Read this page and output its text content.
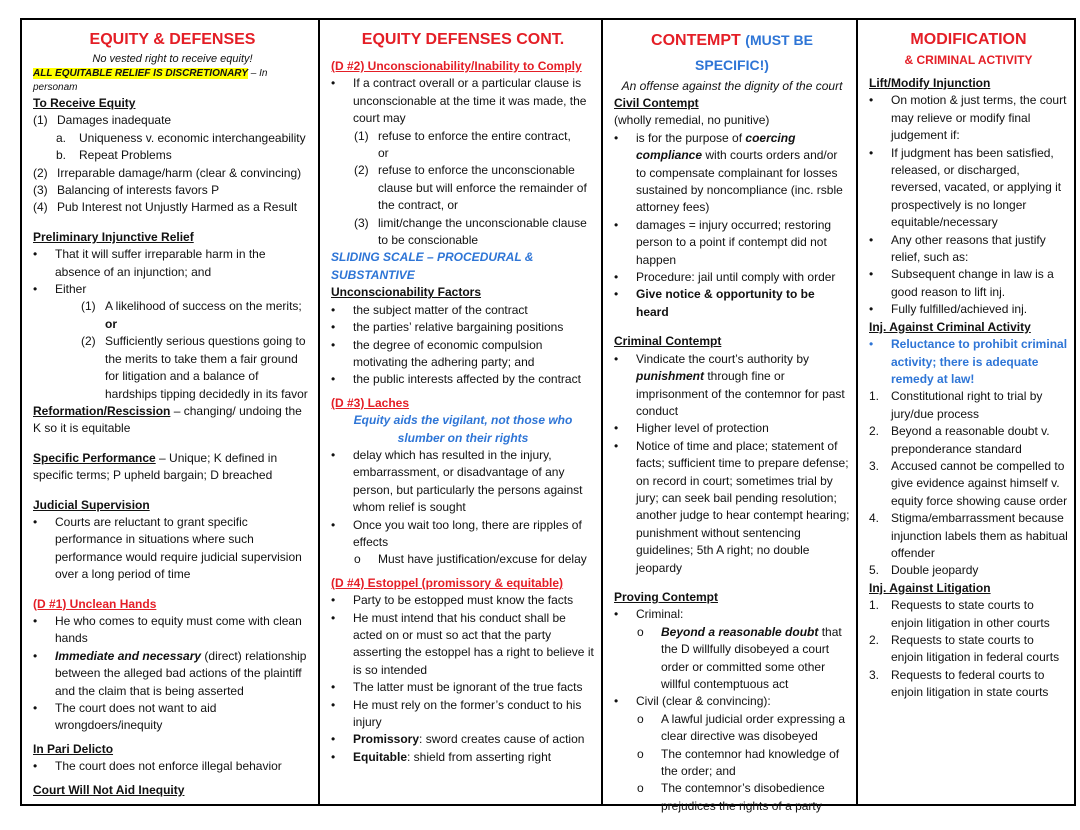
EQUITY & DEFENSES
No vested right to receive equity!
ALL EQUITABLE RELIEF IS DISCRETIONARY – In personam
To Receive Equity
(1) Damages inadequate
a.	Uniqueness v. economic interchangeability
b.	Repeat Problems
(2) Irreparable damage/harm (clear & convincing)
(3) Balancing of interests favors P
(4) Pub Interest not Unjustly Harmed as a Result
Preliminary Injunctive Relief
•	That it will suffer irreparable harm in the absence of an injunction; and
•	Either
(1) A likelihood of success on the merits;
or
(2) Sufficiently serious questions going to the merits to take them a fair ground for litigation and a balance of hardships tipping decidedly in its favor
Reformation/Rescission – changing/ undoing the K so it is equitable
Specific Performance – Unique; K defined in specific terms; P upheld bargain; D breached
Judicial Supervision
•	Courts are reluctant to grant specific performance in situations where such performance would require judicial supervision over a long period of time
(D #1) Unclean Hands
•	He who comes to equity must come with clean hands
•	Immediate and necessary (direct) relationship between the alleged bad actions of the plaintiff and the claim that is being asserted
•	The court does not want to aid wrongdoers/inequity
In Pari Delicto
•	The court does not enforce illegal behavior
Court Will Not Aid Inequity
EQUITY DEFENSES CONT.
(D #2) Unconscionability/Inability to Comply
•	If a contract overall or a particular clause is unconscionable at the time it was made, the court may
(1) refuse to enforce the entire contract,
or
(2) refuse to enforce the unconscionable clause but will enforce the remainder of the contract, or
(3) limit/change the unconscionable clause to be conscionable
SLIDING SCALE – PROCEDURAL & SUBSTANTIVE
Unconscionability Factors
•	the subject matter of the contract
•	the parties’ relative bargaining positions
•	the degree of economic compulsion motivating the adhering party; and
•	the public interests affected by the contract
(D #3) Laches
Equity aids the vigilant, not those who slumber on their rights
•	delay which has resulted in the injury, embarrassment, or disadvantage of any person, but particularly the persons against whom relief is sought
•	Once you wait too long, there are ripples of effects
o	Must have justification/excuse for delay
(D #4) Estoppel (promissory & equitable)
•	Party to be estopped must know the facts
•	He must intend that his conduct shall be acted on or must so act that the party asserting the estoppel has a right to believe it is so intended
•	The latter must be ignorant of the true facts
•	He must rely on the former’s conduct to his injury
•	Promissory: sword creates cause of action
•	Equitable: shield from asserting right
CONTEMPT (MUST BE SPECIFIC!)
An offense against the dignity of the court
Civil Contempt
(wholly remedial, no punitive)
•	is for the purpose of coercing compliance with courts orders and/or to compensate complainant for losses sustained by noncompliance (inc. rsble attorney fees)
•	damages = injury occurred; restoring person to a point if contempt did not happen
•	Procedure: jail until comply with order
•	Give notice & opportunity to be heard
Criminal Contempt
•	Vindicate the court’s authority by punishment through fine or imprisonment of the contemnor for past conduct
•	Higher level of protection
•	Notice of time and place; statement of facts; sufficient time to prepare defense; on record in court; sometimes trial by jury; can seek bail pending resolution; another judge to hear contempt hearing; punishment without sentencing guidelines; 5th A right; no double jeopardy
Proving Contempt
•	Criminal:
o	Beyond a reasonable doubt that the D willfully disobeyed a court order or committed some other willful contemptuous act
•	Civil (clear & convincing):
o	A lawful judicial order expressing a clear directive was disobeyed
o	The contemnor had knowledge of the order; and
o	The contemnor’s disobedience prejudices the rights of a party
MODIFICATION
& CRIMINAL ACTIVITY
Lift/Modify Injunction
•	On motion & just terms, the court may relieve or modify final judgement if:
•	If judgment has been satisfied, released, or discharged, reversed, vacated, or applying it prospectively is no longer equitable/necessary
•	Any other reasons that justify relief, such as:
•	Subsequent change in law is a good reason to lift inj.
•	Fully fulfilled/achieved inj.
Inj. Against Criminal Activity
•	Reluctance to prohibit criminal activity; there is adequate remedy at law!
1. Constitutional right to trial by jury/due process
2. Beyond a reasonable doubt v. preponderance standard
3. Accused cannot be compelled to give evidence against himself v. equity force showing cause order
4. Stigma/embarrassment because injunction labels them as habitual offender
5. Double jeopardy
Inj. Against Litigation
1. Requests to state courts to enjoin litigation in other courts
2. Requests to state courts to enjoin litigation in federal courts
3. Requests to federal courts to enjoin litigation in state courts
